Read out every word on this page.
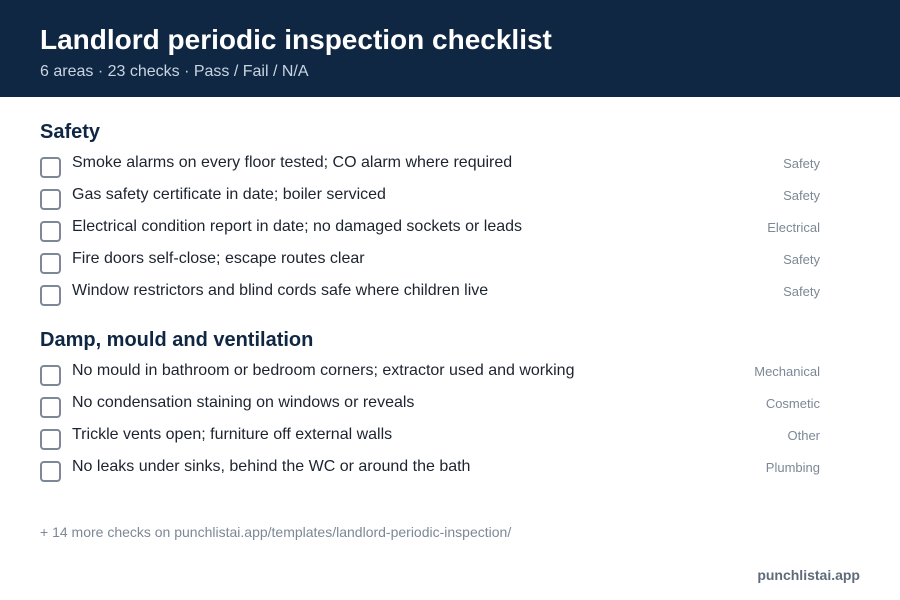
Landlord periodic inspection checklist
6 areas · 23 checks · Pass / Fail / N/A
Safety
Smoke alarms on every floor tested; CO alarm where required	Safety
Gas safety certificate in date; boiler serviced	Safety
Electrical condition report in date; no damaged sockets or leads	Electrical
Fire doors self-close; escape routes clear	Safety
Window restrictors and blind cords safe where children live	Safety
Damp, mould and ventilation
No mould in bathroom or bedroom corners; extractor used and working	Mechanical
No condensation staining on windows or reveals	Cosmetic
Trickle vents open; furniture off external walls	Other
No leaks under sinks, behind the WC or around the bath	Plumbing
+ 14 more checks on punchlistai.app/templates/landlord-periodic-inspection/
punchlistai.app
